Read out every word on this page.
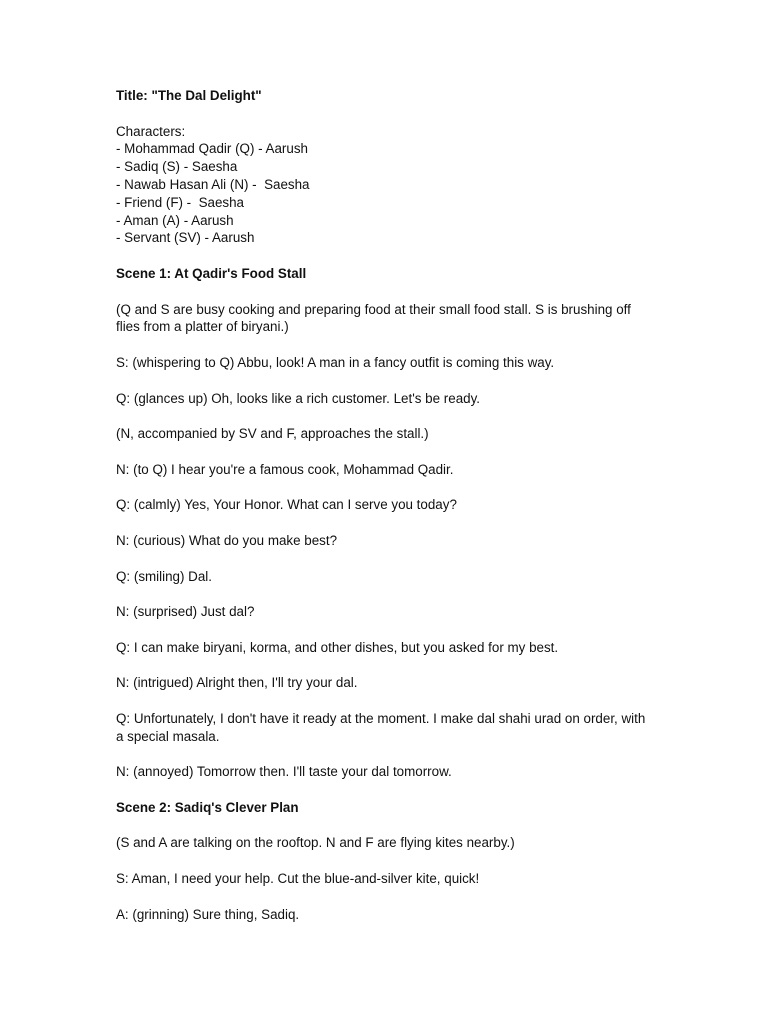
Title: "The Dal Delight"

Characters:

- Mohammad Qadir (Q) - Aarush

- Sadiq (S) - Saesha

- Nawab Hasan Ali (N) -  Saesha

- Friend (F) -  Saesha

- Aman (A) - Aarush

- Servant (SV) - Aarush

Scene 1: At Qadir's Food Stall

(Q and S are busy cooking and preparing food at their small food stall. S is brushing off flies from a platter of biryani.)

S: (whispering to Q) Abbu, look! A man in a fancy outfit is coming this way.

Q: (glances up) Oh, looks like a rich customer. Let's be ready.

(N, accompanied by SV and F, approaches the stall.)

N: (to Q) I hear you're a famous cook, Mohammad Qadir.

Q: (calmly) Yes, Your Honor. What can I serve you today?

N: (curious) What do you make best?

Q: (smiling) Dal.

N: (surprised) Just dal?

Q: I can make biryani, korma, and other dishes, but you asked for my best.

N: (intrigued) Alright then, I'll try your dal.

Q: Unfortunately, I don't have it ready at the moment. I make dal shahi urad on order, with a special masala.

N: (annoyed) Tomorrow then. I'll taste your dal tomorrow.

Scene 2: Sadiq's Clever Plan

(S and A are talking on the rooftop. N and F are flying kites nearby.)

S: Aman, I need your help. Cut the blue-and-silver kite, quick!

A: (grinning) Sure thing, Sadiq.
